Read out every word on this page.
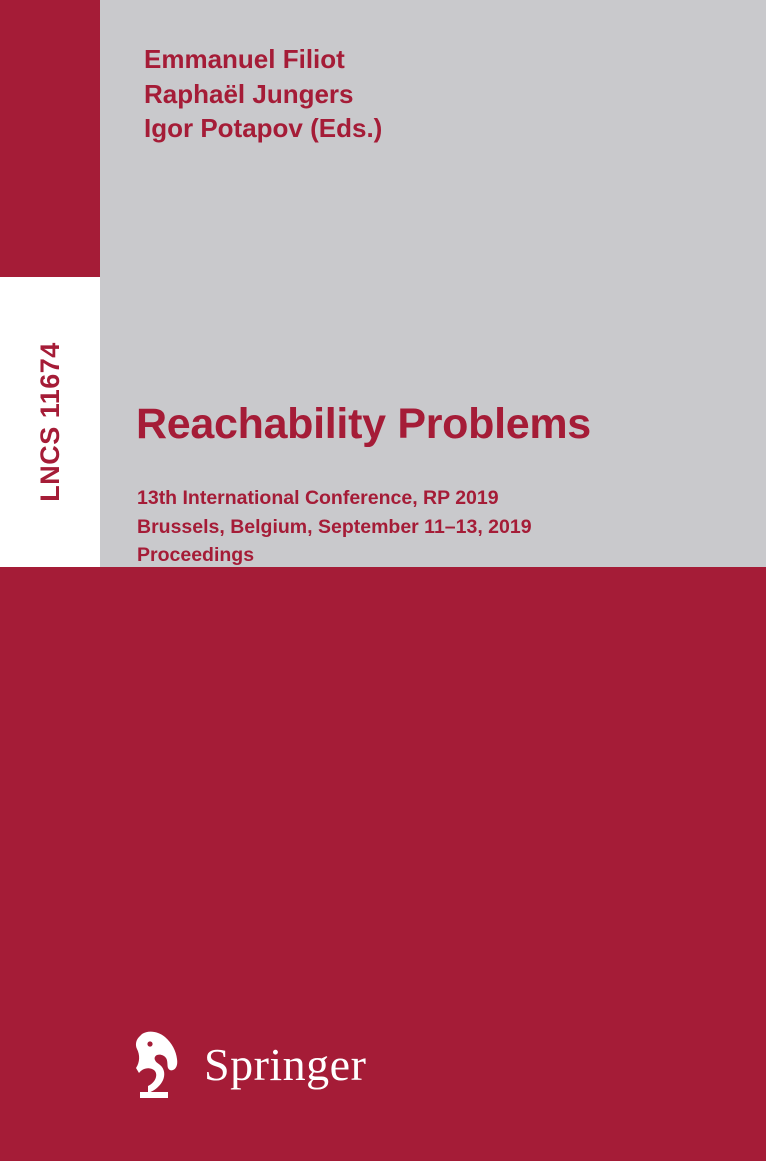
LNCS 11674
Emmanuel Filiot
Raphaël Jungers
Igor Potapov (Eds.)
Reachability Problems
13th International Conference, RP 2019
Brussels, Belgium, September 11–13, 2019
Proceedings
Springer
